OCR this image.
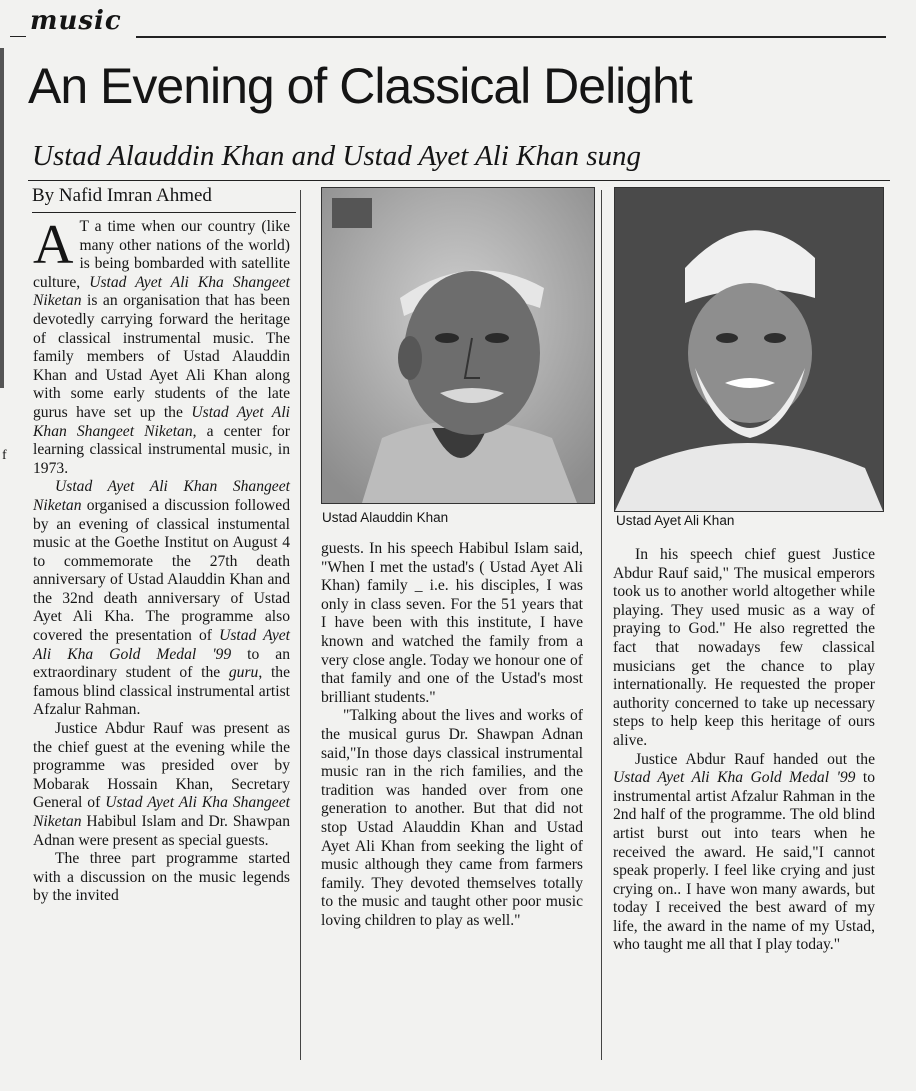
f
music
An Evening of Classical Delight
Ustad Alauddin Khan and Ustad Ayet Ali Khan sung
By Nafid Imran Ahmed
Ustad Alauddin Khan	Ustad Ayet Ali Khan

A T a time when our country (like many other nations of the world) is being bombarded with satellite culture, Ustad Ayet Ali Kha Shangeet Niketan is an organisation that has been devotedly carrying forward the heritage of classical instrumental music. The family members of Ustad Alauddin Khan and Ustad Ayet Ali Khan along with some early students of the late gurus have set up the Ustad Ayet Ali Khan Shangeet Niketan, a center for learning classical instrumental music, in 1973.

Ustad Ayet Ali Khan Shangeet Niketan organised a discussion followed by an evening of classical instumental music at the Goethe Institut on August 4 to commemorate the 27th death anniversary of Ustad Alauddin Khan and the 32nd death anniversary of Ustad Ayet Ali Kha. The programme also covered the presentation of Ustad Ayet Ali Kha Gold Medal '99 to an extraordinary student of the guru, the famous blind classical instrumental artist Afzalur Rahman.

Justice Abdur Rauf was present as the chief guest at the evening while the programme was presided over by Mobarak Hossain Khan, Secretary General of Ustad Ayet Ali Kha Shangeet Niketan Habibul Islam and Dr. Shawpan Adnan were present as special guests.

The three part programme started with a discussion on the music legends by the invited

guests. In his speech Habibul Islam said, "When I met the ustad's ( Ustad Ayet Ali Khan) family _ i.e. his disciples, I was only in class seven. For the 51 years that I have been with this institute, I have known and watched the family from a very close angle. Today we honour one of that family and one of the Ustad's most brilliant students."

"Talking about the lives and works of the musical gurus Dr. Shawpan Adnan said,"In those days classical instrumental music ran in the rich families, and the tradition was handed over from one generation to another. But that did not stop Ustad Alauddin Khan and Ustad Ayet Ali Khan from seeking the light of music although they came from farmers family. They devoted themselves totally to the music and taught other poor music loving children to play as well."

In his speech chief guest Justice Abdur Rauf said," The musical emperors took us to another world altogether while playing. They used music as a way of praying to God." He also regretted the fact that nowadays few classical musicians get the chance to play internationally. He requested the proper authority concerned to take up necessary steps to help keep this heritage of ours alive.

Justice Abdur Rauf handed out the Ustad Ayet Ali Kha Gold Medal '99 to instrumental artist Afzalur Rahman in the 2nd half of the programme. The old blind artist burst out into tears when he received the award. He said,"I cannot speak properly. I feel like crying and just crying on.. I have won many awards, but today I received the best award of my life, the award in the name of my Ustad, who taught me all that I play today."
